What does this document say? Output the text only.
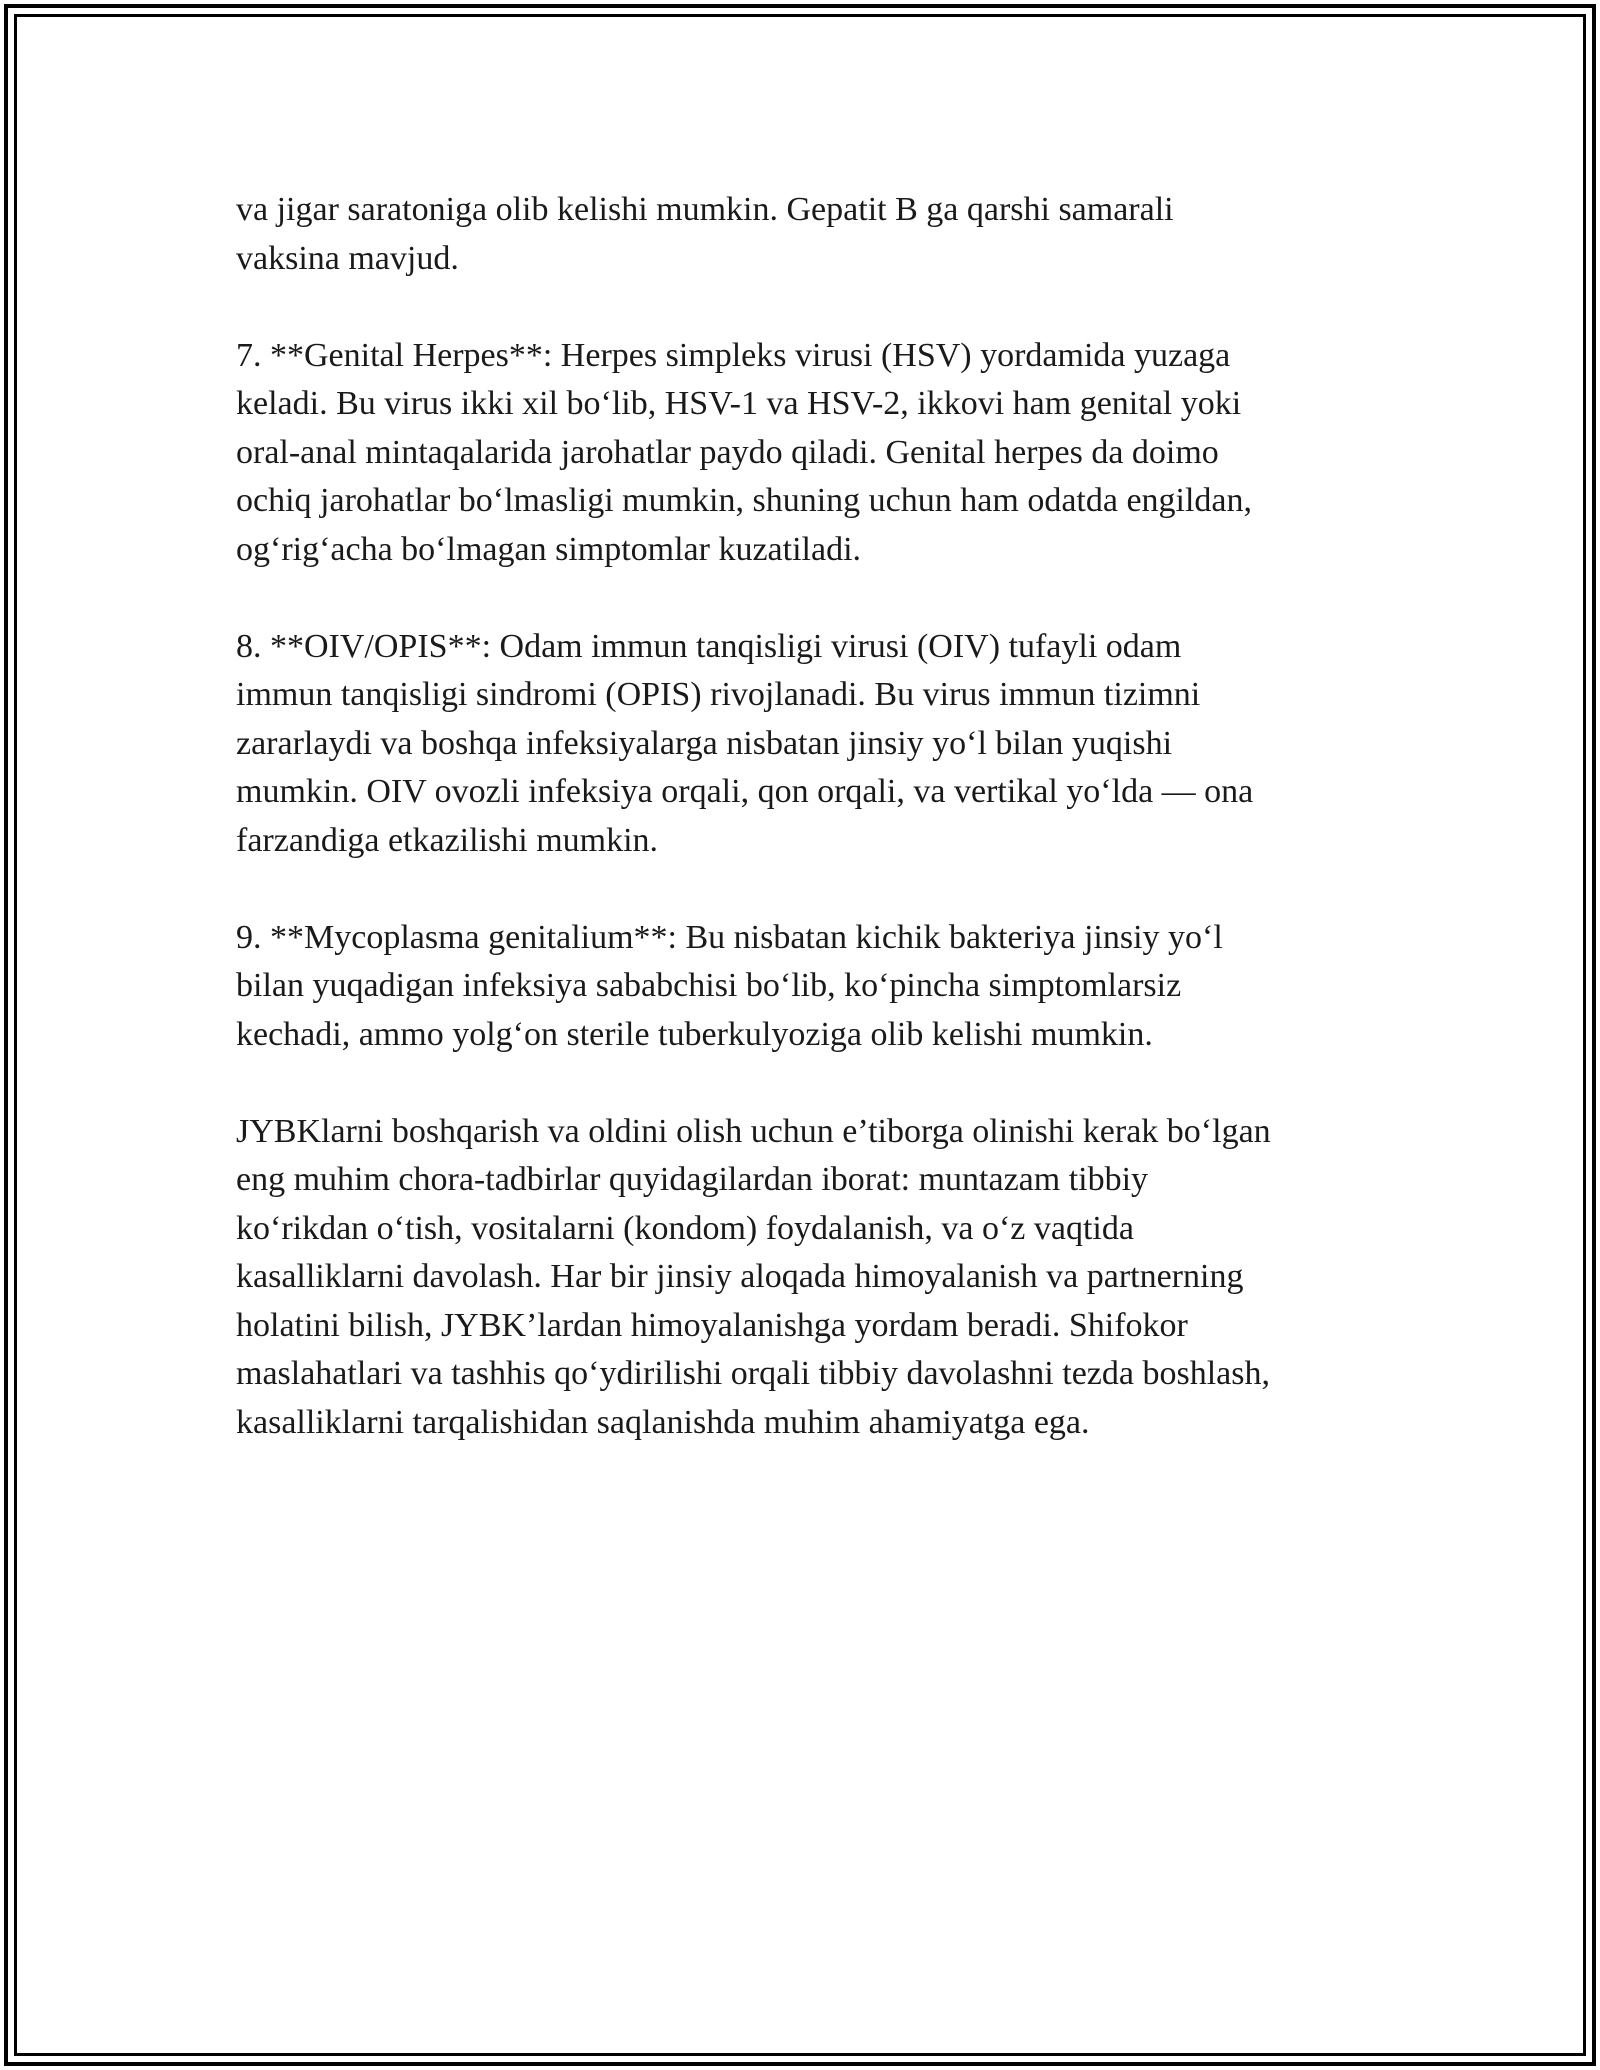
va jigar saratoniga olib kelishi mumkin. Gepatit B ga qarshi samarali
vaksina mavjud.

7. **Genital Herpes**: Herpes simpleks virusi (HSV) yordamida yuzaga
keladi. Bu virus ikki xil bo‘lib, HSV-1 va HSV-2, ikkovi ham genital yoki
oral-anal mintaqalarida jarohatlar paydo qiladi. Genital herpes da doimo
ochiq jarohatlar bo‘lmasligi mumkin, shuning uchun ham odatda engildan,
og‘rig‘acha bo‘lmagan simptomlar kuzatiladi.

8. **OIV/OPIS**: Odam immun tanqisligi virusi (OIV) tufayli odam
immun tanqisligi sindromi (OPIS) rivojlanadi. Bu virus immun tizimni
zararlaydi va boshqa infeksiyalarga nisbatan jinsiy yo‘l bilan yuqishi
mumkin. OIV ovozli infeksiya orqali, qon orqali, va vertikal yo‘lda — ona
farzandiga etkazilishi mumkin.

9. **Mycoplasma genitalium**: Bu nisbatan kichik bakteriya jinsiy yo‘l
bilan yuqadigan infeksiya sababchisi bo‘lib, ko‘pincha simptomlarsiz
kechadi, ammo yolg‘on sterile tuberkulyoziga olib kelishi mumkin.

JYBKlarni boshqarish va oldini olish uchun e’tiborga olinishi kerak bo‘lgan
eng muhim chora-tadbirlar quyidagilardan iborat: muntazam tibbiy
ko‘rikdan o‘tish, vositalarni (kondom) foydalanish, va o‘z vaqtida
kasalliklarni davolash. Har bir jinsiy aloqada himoyalanish va partnerning
holatini bilish, JYBK’lardan himoyalanishga yordam beradi. Shifokor
maslahatlari va tashhis qo‘ydirilishi orqali tibbiy davolashni tezda boshlash,
kasalliklarni tarqalishidan saqlanishda muhim ahamiyatga ega.
